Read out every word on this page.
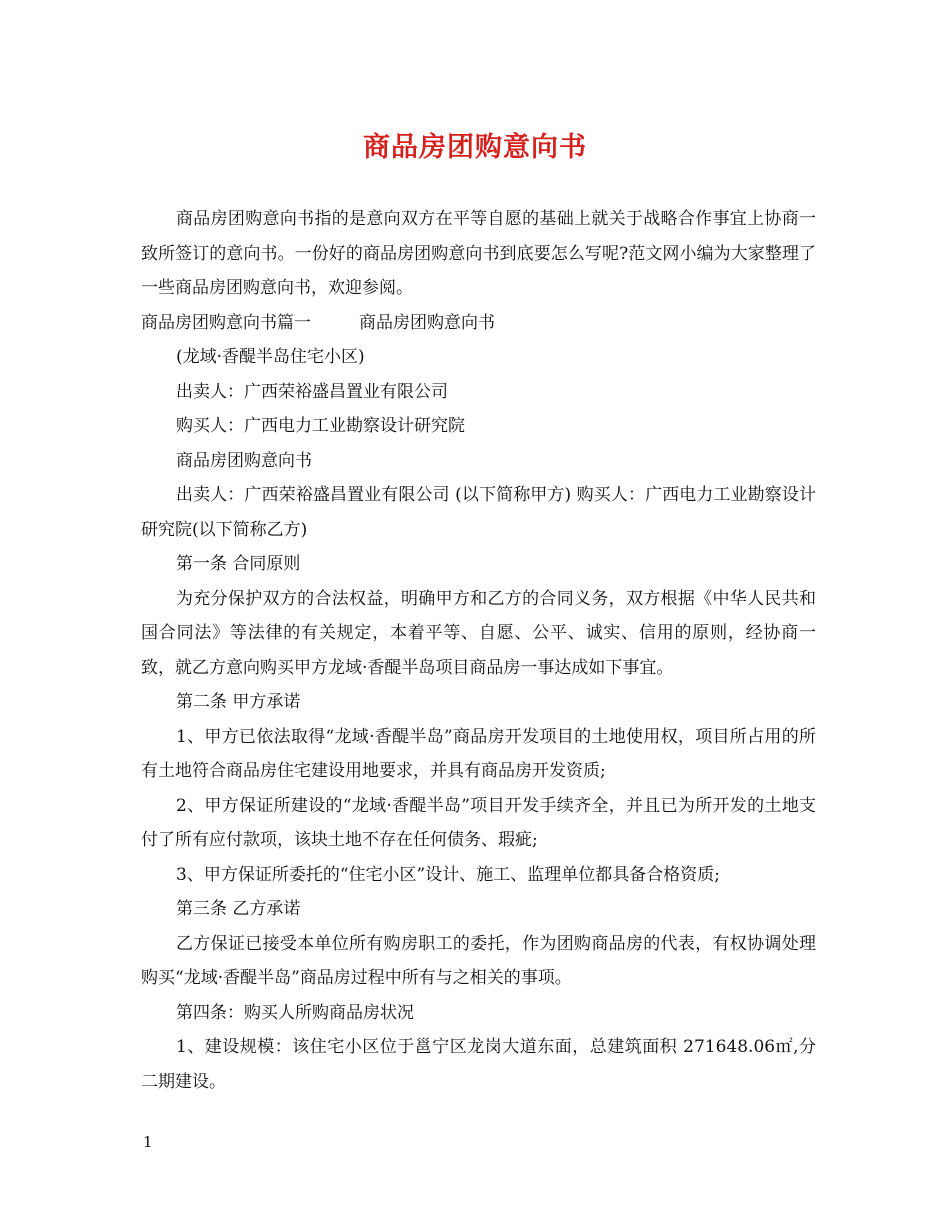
商品房团购意向书

商品房团购意向书指的是意向双方在平等自愿的基础上就关于战略合作事宜上协商一致所签订的意向书。一份好的商品房团购意向书到底要怎么写呢?范文网小编为大家整理了一些商品房团购意向书，欢迎参阅。

商品房团购意向书篇一	商品房团购意向书

(龙域·香醍半岛住宅小区)

出卖人：广西荣裕盛昌置业有限公司

购买人：广西电力工业勘察设计研究院

商品房团购意向书

出卖人：广西荣裕盛昌置业有限公司 (以下简称甲方) 购买人：广西电力工业勘察设计研究院(以下简称乙方)

第一条 合同原则

为充分保护双方的合法权益，明确甲方和乙方的合同义务，双方根据《中华人民共和国合同法》等法律的有关规定，本着平等、自愿、公平、诚实、信用的原则，经协商一致，就乙方意向购买甲方龙域·香醍半岛项目商品房一事达成如下事宜。

第二条 甲方承诺

1、甲方已依法取得“龙域·香醍半岛”商品房开发项目的土地使用权，项目所占用的所有土地符合商品房住宅建设用地要求，并具有商品房开发资质;

2、甲方保证所建设的“龙域·香醍半岛”项目开发手续齐全，并且已为所开发的土地支付了所有应付款项，该块土地不存在任何债务、瑕疵;

3、甲方保证所委托的“住宅小区”设计、施工、监理单位都具备合格资质;

第三条 乙方承诺

乙方保证已接受本单位所有购房职工的委托，作为团购商品房的代表，有权协调处理购买“龙域·香醍半岛”商品房过程中所有与之相关的事项。

第四条：购买人所购商品房状况

1、建设规模：该住宅小区位于邕宁区龙岗大道东面，总建筑面积 271648.06㎡,分二期建设。

1
